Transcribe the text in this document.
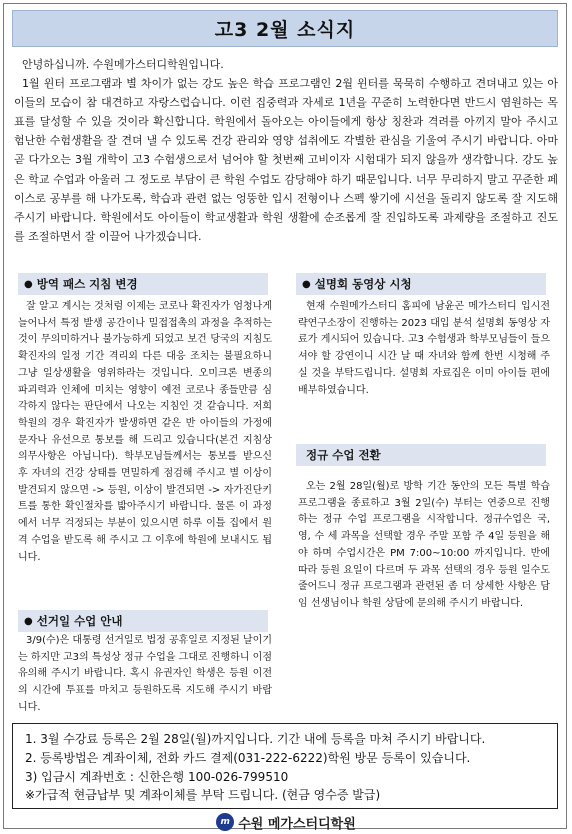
고3 2월 소식지

안녕하십니까. 수원메가스터디학원입니다.

1월 윈터 프로그램과 별 차이가 없는 강도 높은 학습 프로그램인 2월 윈터를 묵묵히 수행하고 견뎌내고 있는 아이들의 모습이 참 대견하고 자랑스럽습니다. 이런 집중력과 자세로 1년을 꾸준히 노력한다면 반드시 염원하는 목표를 달성할 수 있을 것이라 확신합니다. 학원에서 돌아오는 아이들에게 항상 칭찬과 격려를 아끼지 말아 주시고 험난한 수험생활을 잘 견뎌 낼 수 있도록 건강 관리와 영양 섭취에도 각별한 관심을 기울여 주시기 바랍니다. 아마 곧 다가오는 3월 개학이 고3 수험생으로서 넘어야 할 첫번째 고비이자 시험대가 되지 않을까 생각합니다. 강도 높은 학교 수업과 아울러 그 정도로 부담이 큰 학원 수업도 감당해야 하기 때문입니다. 너무 무리하지 말고 꾸준한 페이스로 공부를 해 나가도록, 학습과 관련 없는 엉뚱한 입시 전형이나 스펙 쌓기에 시선을 돌리지 않도록 잘 지도해 주시기 바랍니다. 학원에서도 아이들이 학교생활과 학원 생활에 순조롭게 잘 진입하도록 과제량을 조절하고 진도를 조절하면서 잘 이끌어 나가겠습니다.

● 방역 패스 지침 변경

잘 알고 계시는 것처럼 이제는 코로나 확진자가 엄청나게 늘어나서 특정 발생 공간이나 밀접접촉의 과정을 추적하는 것이 무의미하거나 불가능하게 되었고 보건 당국의 지침도 확진자의 일정 기간 격리외 다른 대응 조치는 불필요하니 그냥 일상생활을 영위하라는 것입니다. 오미크론 변종의 파괴력과 인체에 미치는 영향이 예전 코로나 종들만큼 심각하지 않다는 판단에서 나오는 지침인 것 같습니다. 저희 학원의 경우 확진자가 발생하면 같은 반 아이들의 가정에 문자나 유선으로 통보를 해 드리고 있습니다(본건 지침상 의무사항은 아닙니다). 학부모님들께서는 통보를 받으신 후 자녀의 건강 상태를 면밀하게 점검해 주시고 별 이상이 발견되지 않으면 -> 등원, 이상이 발견되면 -> 자가진단키트를 통한 확인절차를 밟아주시기 바랍니다. 물론 이 과정에서 너무 걱정되는 부분이 있으시면 하루 이틀 집에서 원격 수업을 받도록 해 주시고 그 이후에 학원에 보내시도 됩니다.

● 선거일 수업 안내

3/9(수)은 대통령 선거일로 법정 공휴일로 지정된 날이기는 하지만 고3의 특성상 정규 수업을 그대로 진행하니 이점 유의해 주시기 바랍니다. 혹시 유권자인 학생은 등원 이전의 시간에 투표를 마치고 등원하도록 지도해 주시기 바랍니다.

● 설명회 동영상 시청

현재 수원메가스터디 홈피에 남윤곤 메가스터디 입시전략연구소장이 진행하는 2023 대입 분석 설명회 동영상 자료가 게시되어 있습니다. 고3 수험생과 학부모님들이 들으셔야 할 강연이니 시간 날 때 자녀와 함께 한번 시청해 주실 것을 부탁드립니다. 설명회 자료집은 이미 아이들 편에 배부하였습니다.

정규 수업 전환

오는 2월 28일(월)로 방학 기간 동안의 모든 특별 학습 프로그램을 종료하고 3월 2일(수) 부터는 연중으로 진행하는 정규 수업 프로그램을 시작합니다. 정규수업은 국, 영, 수 세 과목을 선택할 경우 주말 포함 주 4일 등원을 해야 하며 수업시간은 PM 7:00~10:00 까지입니다. 반에 따라 등원 요일이 다르며 두 과목 선택의 경우 등원 일수도 줄어드니 정규 프로그램과 관련된 좀 더 상세한 사항은 담임 선생님이나 학원 상담에 문의해 주시기 바랍니다.

1. 3월 수강료 등록은 2월 28일(월)까지입니다. 기간 내에 등록을 마쳐 주시기 바랍니다.
2. 등록방법은 계좌이체, 전화 카드 결제(031-222-6222)학원 방문 등록이 있습니다.
3) 입금시 계좌번호 : 신한은행 100-026-799510
※가급적 현금납부 및 계좌이체를 부탁 드립니다. (현금 영수증 발급)
m 수원 메가스터디학원
